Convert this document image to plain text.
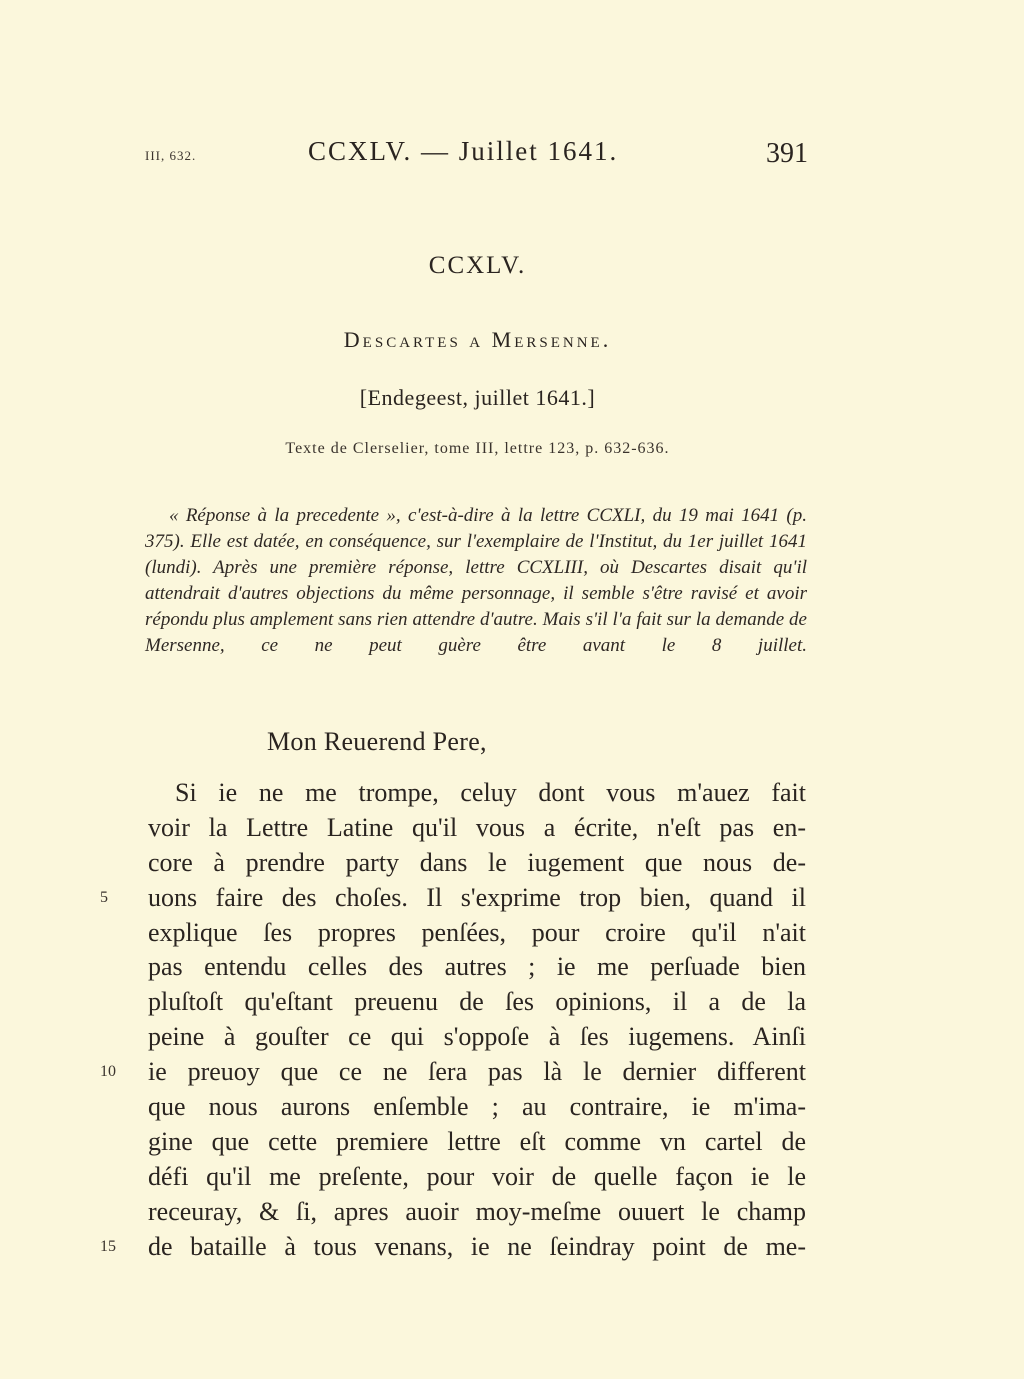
III, 632.	CCXLV. — Juillet 1641.	391
CCXLV.
Descartes a Mersenne.
[Endegeest, juillet 1641.]
Texte de Clerselier, tome III, lettre 123, p. 632-636.

« Réponse à la precedente », c'est-à-dire à la lettre CCXLI, du 19 mai 1641 (p. 375). Elle est datée, en conséquence, sur l'exemplaire de l'Institut, du 1er juillet 1641 (lundi). Après une première réponse, lettre CCXLIII, où Descartes disait qu'il attendrait d'autres objections du même personnage, il semble s'être ravisé et avoir répondu plus amplement sans rien attendre d'autre. Mais s'il l'a fait sur la demande de Mersenne, ce ne peut guère être avant le 8 juillet.

Mon Reuerend Pere,
Si ie ne me trompe, celuy dont vous m'auez fait
voir la Lettre Latine qu'il vous a écrite, n'eſt pas en-
core à prendre party dans le iugement que nous de-
5	uons faire des choſes. Il s'exprime trop bien, quand il
explique ſes propres penſées, pour croire qu'il n'ait
pas entendu celles des autres ; ie me perſuade bien
pluſtoſt qu'eſtant preuenu de ſes opinions, il a de la
peine à gouſter ce qui s'oppoſe à ſes iugemens. Ainſi
10	ie preuoy que ce ne ſera pas là le dernier different
que nous aurons enſemble ; au contraire, ie m'ima-
gine que cette premiere lettre eſt comme vn cartel de
défi qu'il me preſente, pour voir de quelle façon ie le
receuray, & ſi, apres auoir moy-meſme ouuert le champ
15	de bataille à tous venans, ie ne ſeindray point de me-
